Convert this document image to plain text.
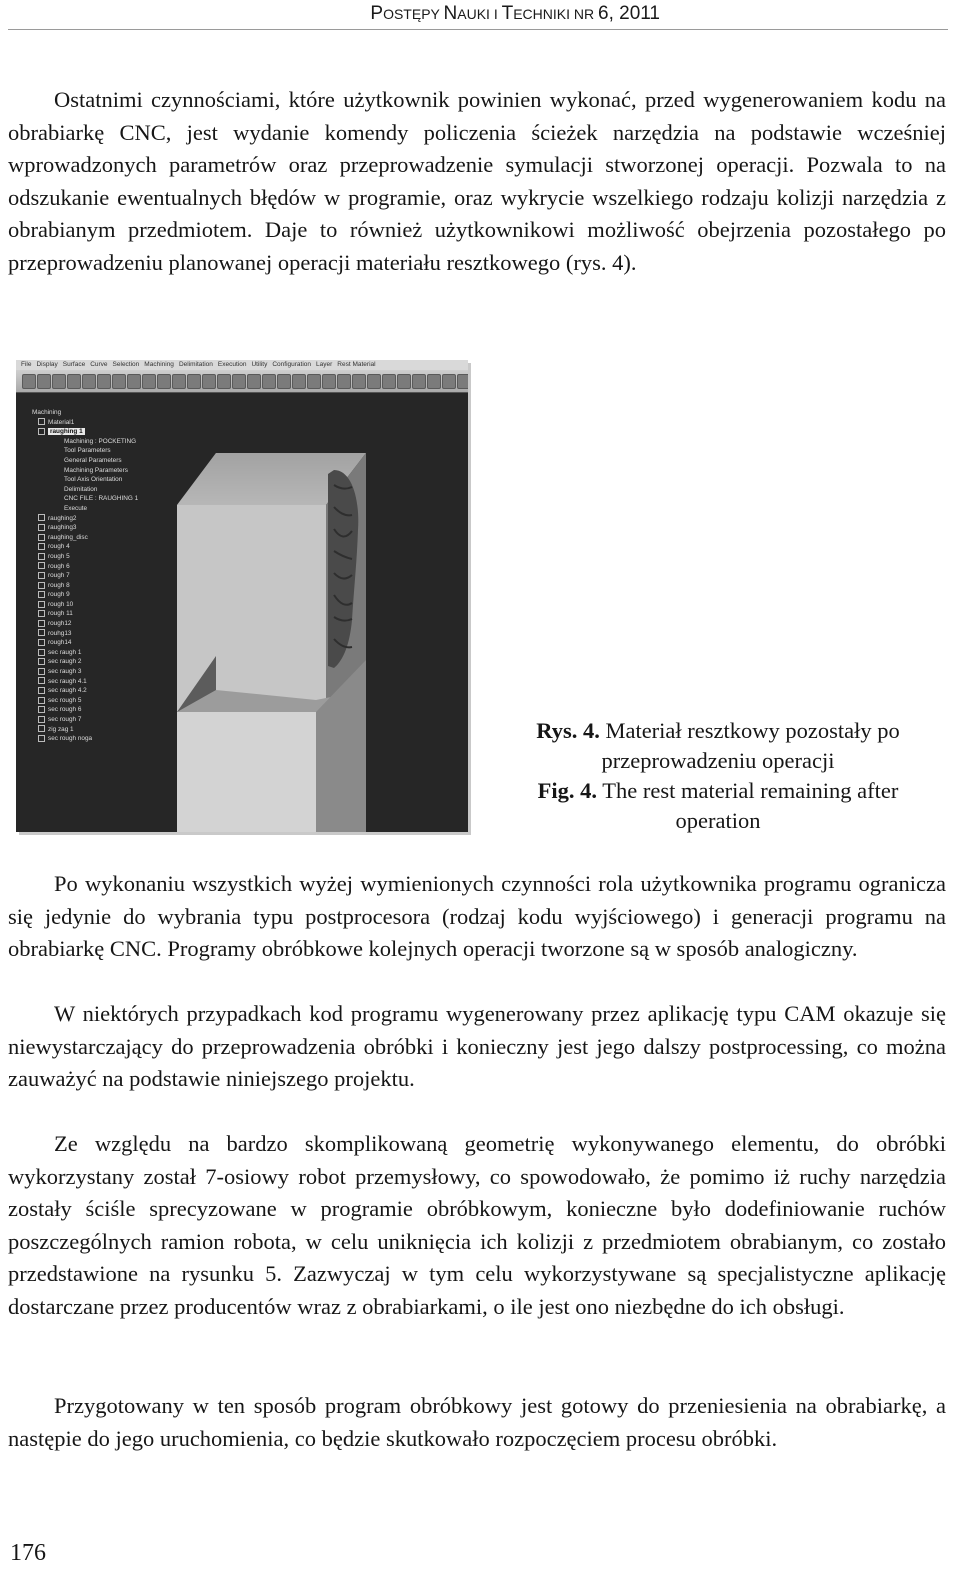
POSTĘPY NAUKI I TECHNIKI NR 6, 2011

Ostatnimi czynnościami, które użytkownik powinien wykonać, przed wygenerowaniem kodu na obrabiarkę CNC, jest wydanie komendy policzenia ścieżek narzędzia na podstawie wcześniej wprowadzonych parametrów oraz przeprowadzenie symulacji stworzonej operacji. Pozwala to na odszukanie ewentualnych błędów w programie, oraz wykrycie wszelkiego rodzaju kolizji narzędzia z obrabianym przedmiotem. Daje to również użytkownikowi możliwość obejrzenia pozostałego po przeprowadzeniu planowanej operacji materiału resztkowego (rys. 4).

File Display Surface Curve Selection Machining Delimitation Execution Utility Configuration Layer Rest Material
Machining
Material1
raughing 1
Machining : POCKETING
Tool Parameters
General Parameters
Machining Parameters
Tool Axis Orientation
Delimitation
CNC FILE : RAUGHING 1
Execute
raughing2
raughing3
raughing_disc
rough 4
rough 5
rough 6
rough 7
rough 8
rough 9
rough 10
rough 11
rough12
rouhg13
rough14
sec raugh 1
sec raugh 2
sec raugh 3
sec raugh 4.1
sec raugh 4.2
sec rough 5
sec rough 6
sec rough 7
zig zag 1
sec rough noga	Rys. 4. Materiał resztkowy pozostały po
przeprowadzeniu operacji
Fig. 4. The rest material remaining after
operation

Po wykonaniu wszystkich wyżej wymienionych czynności rola użytkownika programu ogranicza się jedynie do wybrania typu postprocesora (rodzaj kodu wyjściowego) i generacji programu na obrabiarkę CNC. Programy obróbkowe kolejnych operacji tworzone są w sposób analogiczny.

W niektórych przypadkach kod programu wygenerowany przez aplikację typu CAM okazuje się niewystarczający do przeprowadzenia obróbki i konieczny jest jego dalszy postprocessing, co można zauważyć na podstawie niniejszego projektu.

Ze względu na bardzo skomplikowaną geometrię wykonywanego elementu, do obróbki wykorzystany został 7-osiowy robot przemysłowy, co spowodowało, że pomimo iż ruchy narzędzia zostały ściśle sprecyzowane w programie obróbkowym, konieczne było dodefiniowanie ruchów poszczególnych ramion robota, w celu uniknięcia ich kolizji z przedmiotem obrabianym, co zostało przedstawione na rysunku 5. Zazwyczaj w tym celu wykorzystywane są specjalistyczne aplikację dostarczane przez producentów wraz z obrabiarkami, o ile jest ono niezbędne do ich obsługi.

Przygotowany w ten sposób program obróbkowy jest gotowy do przeniesienia na obrabiarkę, a następie do jego uruchomienia, co będzie skutkowało rozpoczęciem procesu obróbki.

176
